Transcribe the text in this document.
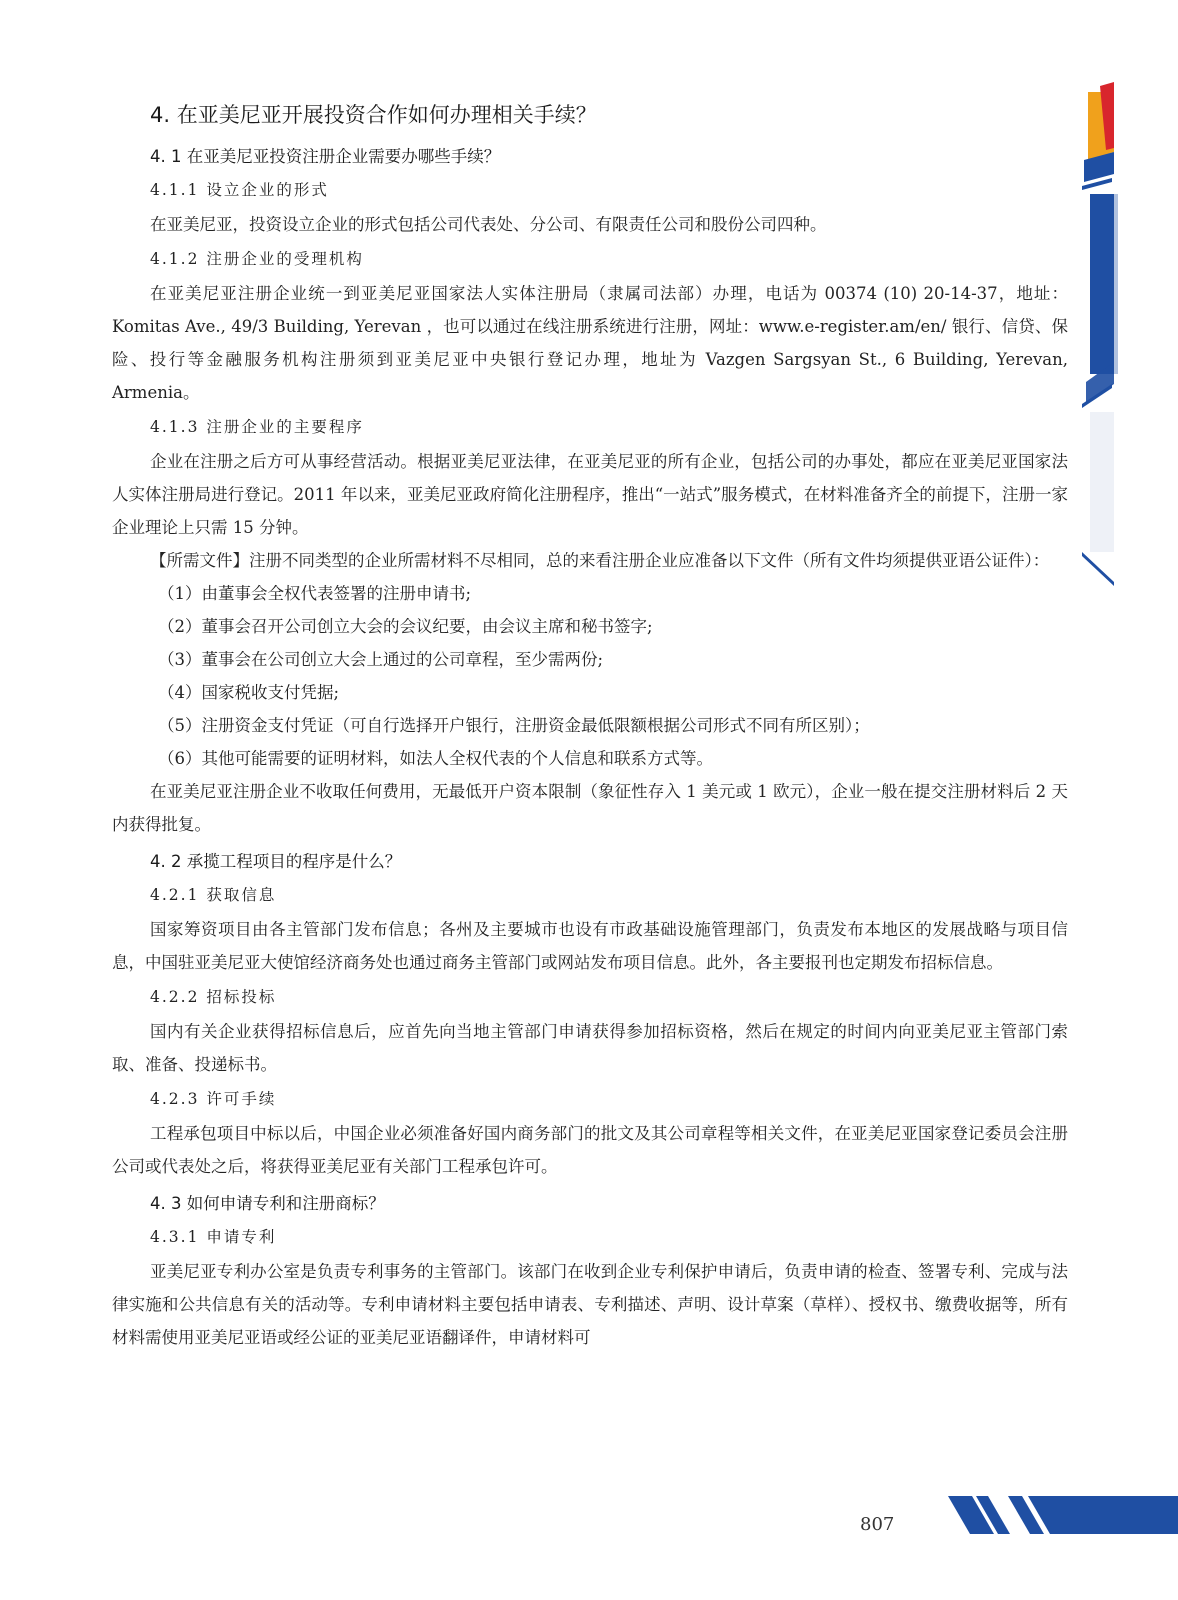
4. 在亚美尼亚开展投资合作如何办理相关手续？
4. 1 在亚美尼亚投资注册企业需要办哪些手续？
4.1.1 设立企业的形式

在亚美尼亚，投资设立企业的形式包括公司代表处、分公司、有限责任公司和股份公司四种。

4.1.2 注册企业的受理机构

在亚美尼亚注册企业统一到亚美尼亚国家法人实体注册局（隶属司法部）办理，电话为 00374 (10) 20-14-37，地址：Komitas Ave., 49/3 Building, Yerevan ，也可以通过在线注册系统进行注册，网址：www.e-register.am/en/ 银行、信贷、保险、投行等金融服务机构注册须到亚美尼亚中央银行登记办理，地址为 Vazgen Sargsyan St., 6 Building, Yerevan, Armenia。

4.1.3 注册企业的主要程序

企业在注册之后方可从事经营活动。根据亚美尼亚法律，在亚美尼亚的所有企业，包括公司的办事处，都应在亚美尼亚国家法人实体注册局进行登记。2011 年以来，亚美尼亚政府简化注册程序，推出“一站式”服务模式，在材料准备齐全的前提下，注册一家企业理论上只需 15 分钟。

【所需文件】注册不同类型的企业所需材料不尽相同，总的来看注册企业应准备以下文件（所有文件均须提供亚语公证件）：

（1）由董事会全权代表签署的注册申请书;
（2）董事会召开公司创立大会的会议纪要，由会议主席和秘书签字;
（3）董事会在公司创立大会上通过的公司章程，至少需两份;
（4）国家税收支付凭据;
（5）注册资金支付凭证（可自行选择开户银行，注册资金最低限额根据公司形式不同有所区别）；
（6）其他可能需要的证明材料，如法人全权代表的个人信息和联系方式等。

在亚美尼亚注册企业不收取任何费用，无最低开户资本限制（象征性存入 1 美元或 1 欧元），企业一般在提交注册材料后 2 天内获得批复。

4. 2 承揽工程项目的程序是什么？
4.2.1 获取信息

国家筹资项目由各主管部门发布信息；各州及主要城市也设有市政基础设施管理部门，负责发布本地区的发展战略与项目信息，中国驻亚美尼亚大使馆经济商务处也通过商务主管部门或网站发布项目信息。此外，各主要报刊也定期发布招标信息。

4.2.2 招标投标

国内有关企业获得招标信息后，应首先向当地主管部门申请获得参加招标资格，然后在规定的时间内向亚美尼亚主管部门索取、准备、投递标书。

4.2.3 许可手续

工程承包项目中标以后，中国企业必须准备好国内商务部门的批文及其公司章程等相关文件，在亚美尼亚国家登记委员会注册公司或代表处之后，将获得亚美尼亚有关部门工程承包许可。

4. 3 如何申请专利和注册商标？
4.3.1 申请专利

亚美尼亚专利办公室是负责专利事务的主管部门。该部门在收到企业专利保护申请后，负责申请的检查、签署专利、完成与法律实施和公共信息有关的活动等。专利申请材料主要包括申请表、专利描述、声明、设计草案（草样）、授权书、缴费收据等，所有材料需使用亚美尼亚语或经公证的亚美尼亚语翻译件，申请材料可

807
